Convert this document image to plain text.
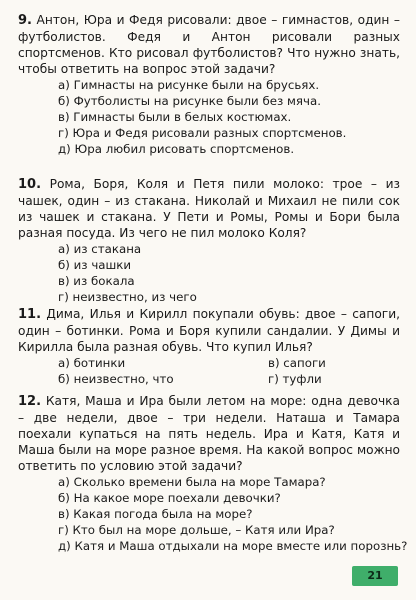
9. Антон, Юра и Федя рисовали: двое – гимнастов, один – футболистов. Федя и Антон рисовали разных спортсменов. Кто рисовал футболистов? Что нужно знать, чтобы ответить на вопрос этой задачи?

а) Гимнасты на рисунке были на брусьях.

б) Футболисты на рисунке были без мяча.

в) Гимнасты были в белых костюмах.

г) Юра и Федя рисовали разных спортсменов.

д) Юра любил рисовать спортсменов.

10. Рома, Боря, Коля и Петя пили молоко: трое – из чашек, один – из стакана. Николай и Михаил не пили сок из чашек и стакана. У Пети и Ромы, Ромы и Бори была разная посуда. Из чего не пил молоко Коля?

а) из стакана

б) из чашки

в) из бокала

г) неизвестно, из чего

11. Дима, Илья и Кирилл покупали обувь: двое – сапоги, один – ботинки. Рома и Боря купили сандалии. У Димы и Кирилла была разная обувь. Что купил Илья?

а) ботинки	в) сапоги
б) неизвестно, что	г) туфли

12. Катя, Маша и Ира были летом на море: одна девочка – две недели, двое – три недели. Наташа и Тамара поехали купаться на пять недель. Ира и Катя, Катя и Маша были на море разное время. На какой вопрос можно ответить по условию этой задачи?

а) Сколько времени была на море Тамара?

б) На какое море поехали девочки?

в) Какая погода была на море?

г) Кто был на море дольше, – Катя или Ира?

д) Катя и Маша отдыхали на море вместе или порознь?

21
